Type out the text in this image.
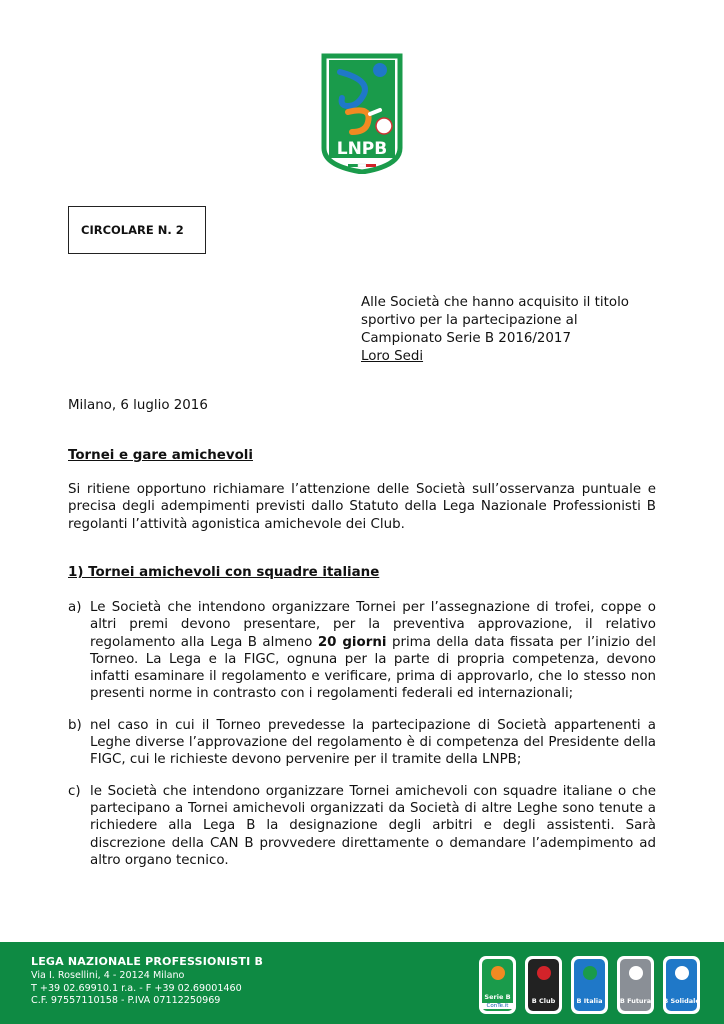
LNPB
CIRCOLARE N. 2
Alle Società che hanno acquisito il titolo
sportivo per la partecipazione al
Campionato Serie B 2016/2017
Loro Sedi
Milano, 6 luglio 2016
Tornei e gare amichevoli
Si ritiene opportuno richiamare l’attenzione delle Società sull’osservanza puntuale e precisa degli adempimenti previsti dallo Statuto della Lega Nazionale Professionisti B regolanti l’attività agonistica amichevole dei Club.
1) Tornei amichevoli con squadre italiane
a) Le Società che intendono organizzare Tornei per l’assegnazione di trofei, coppe o altri premi devono presentare, per la preventiva approvazione, il relativo regolamento alla Lega B almeno 20 giorni prima della data fissata per l’inizio del Torneo. La Lega e la FIGC, ognuna per la parte di propria competenza, devono infatti esaminare il regolamento e verificare, prima di approvarlo, che lo stesso non presenti norme in contrasto con i regolamenti federali ed internazionali;
b) nel caso in cui il Torneo prevedesse la partecipazione di Società appartenenti a Leghe diverse l’approvazione del regolamento è di competenza del Presidente della FIGC, cui le richieste devono pervenire per il tramite della LNPB;
c) le Società che intendono organizzare Tornei amichevoli con squadre italiane o che partecipano a Tornei amichevoli organizzati da Società di altre Leghe sono tenute a richiedere alla Lega B la designazione degli arbitri e degli assistenti. Sarà discrezione della CAN B provvedere direttamente o demandare l’adempimento ad altro organo tecnico.
LEGA NAZIONALE PROFESSIONISTI B
Via I. Rosellini, 4 - 20124 Milano
T +39 02.69910.1 r.a. - F +39 02.69001460
C.F. 97557110158 - P.IVA 07112250969	Serie B
ConTe.it
B Club	B Italia	B Futura B Solidale
